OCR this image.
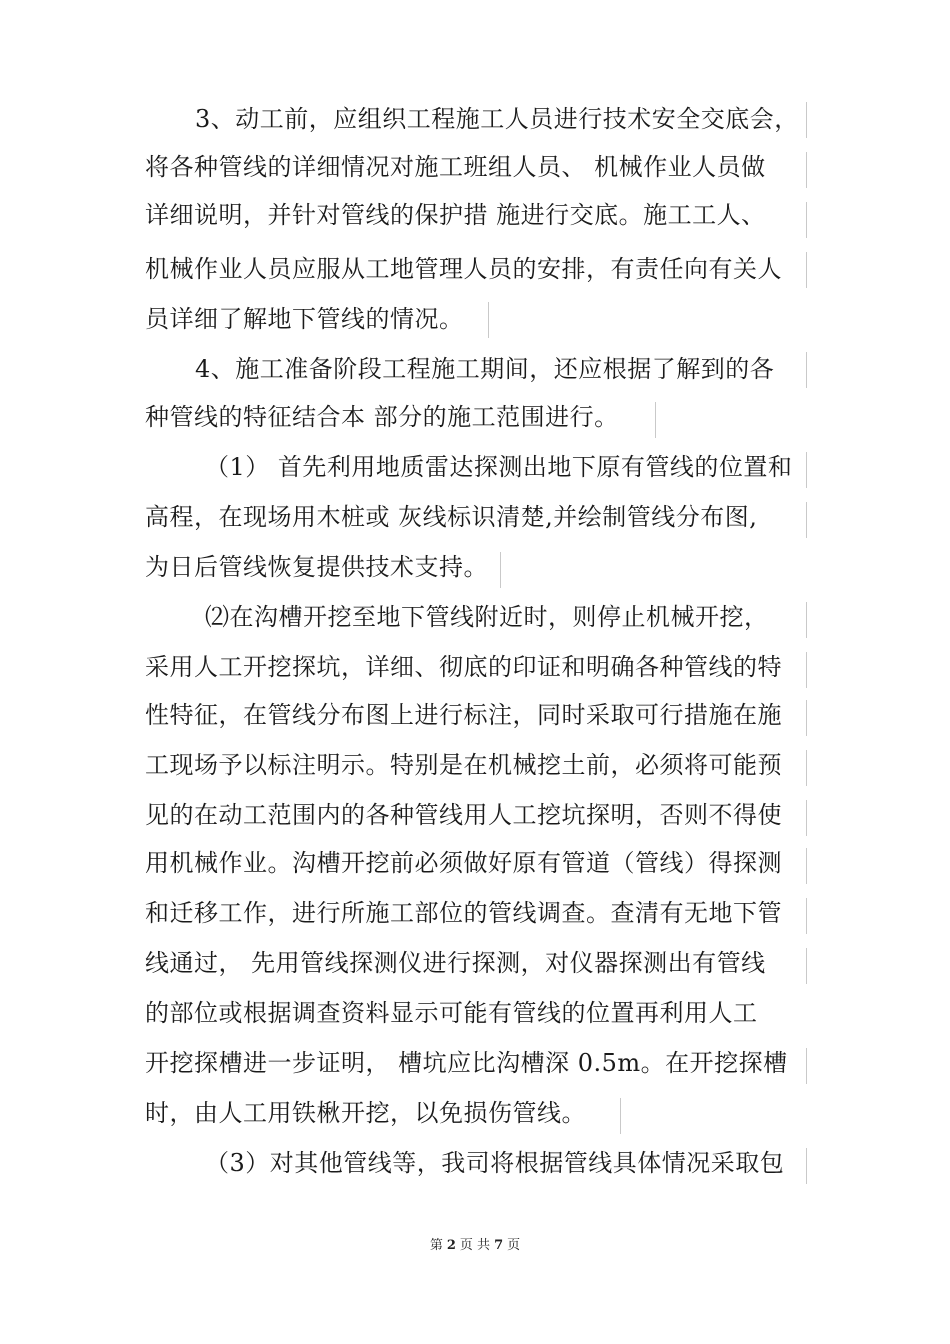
3、动工前，应组织工程施工人员进行技术安全交底会，
将各种管线的详细情况对施工班组人员、 机械作业人员做
详细说明，并针对管线的保护措 施进行交底。施工工人、
机械作业人员应服从工地管理人员的安排，有责任向有关人
员详细了解地下管线的情况。
4、施工准备阶段工程施工期间，还应根据了解到的各
种管线的特征结合本 部分的施工范围进行。
（1） 首先利用地质雷达探测出地下原有管线的位置和
高程，在现场用木桩或 灰线标识清楚,并绘制管线分布图,
为日后管线恢复提供技术支持。
⑵在沟槽开挖至地下管线附近时，则停止机械开挖，
采用人工开挖探坑，详细、彻底的印证和明确各种管线的特
性特征，在管线分布图上进行标注，同时采取可行措施在施
工现场予以标注明示。特别是在机械挖土前，必须将可能预
见的在动工范围内的各种管线用人工挖坑探明，否则不得使
用机械作业。沟槽开挖前必须做好原有管道（管线）得探测
和迁移工作，进行所施工部位的管线调查。查清有无地下管
线通过， 先用管线探测仪进行探测，对仪器探测出有管线
的部位或根据调查资料显示可能有管线的位置再利用人工
开挖探槽进一步证明， 槽坑应比沟槽深 0.5m。在开挖探槽
时，由人工用铁楸开挖，以免损伤管线。
（3）对其他管线等，我司将根据管线具体情况采取包
第 2 页 共 7 页
